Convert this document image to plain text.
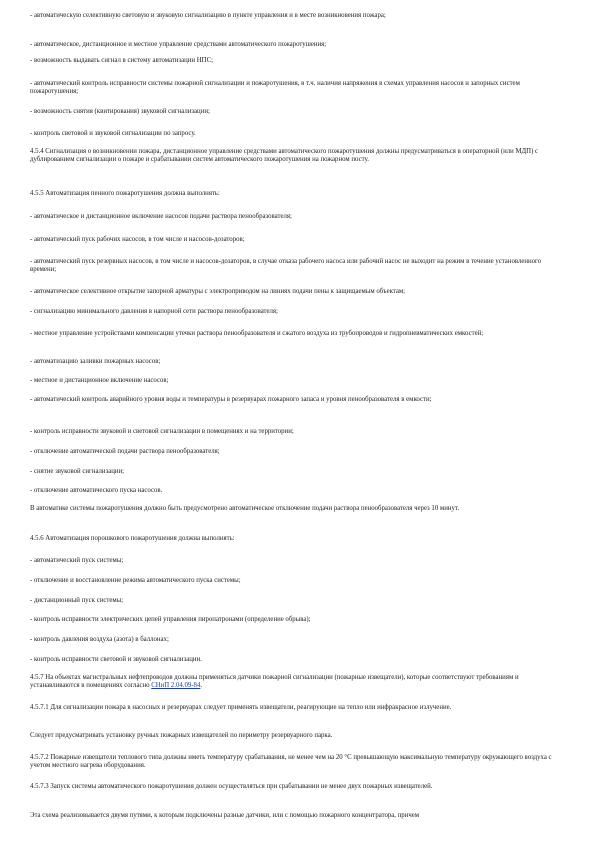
- автоматическую селективную световую и звуковую сигнализацию в пункте управления и в месте возникновения пожара;

- автоматическое, дистанционное и местное управление средствами автоматического пожаротушения;

- возможность выдавать сигнал в систему автоматизации НПС;

- автоматический контроль исправности системы пожарной сигнализации и пожаротушения, в т.ч. наличия напряжения в схемах управления насосов и запорных систем пожаротушения;

- возможность снятия (квитирования) звуковой сигнализации;

- контроль световой и звуковой сигнализации по запросу.

4.5.4 Сигнализация о возникновении пожара, дистанционное управление средствами автоматического пожаротушения должны предусматриваться в операторной (или МДП) с дублированием сигнализации о пожаре и срабатывании систем автоматического пожаротушения на пожарном посту.

4.5.5 Автоматизация пенного пожаротушения должна выполнять:

- автоматическое и дистанционное включение насосов подачи раствора пенообразователя;

- автоматический пуск рабочих насосов, в том числе и насосов-дозаторов;

- автоматический пуск резервных насосов, в том числе и насосов-дозаторов, в случае отказа рабочего насоса или рабочий насос не выходит на режим в течение установленного времени;

- автоматическое селективное открытие запорной арматуры с электроприводом на линиях подачи пены к защищаемым объектам;

- сигнализацию минимального давления в напорной сети раствора пенообразователя;

- местное управление устройствами компенсации утечки раствора пенообразователя и сжатого воздуха из трубопроводов и гидропневматических емкостей;

- автоматизацию заливки пожарных насосов;

- местное и дистанционное включение насосов;

- автоматический контроль аварийного уровня воды и температуры в резервуарах пожарного запаса и уровня пенообразователя в емкости;

- контроль исправности звуковой и световой сигнализации в помещениях и на территории;

- отключение автоматической подачи раствора пенообразователя;

- снятие звуковой сигнализации;

- отключение автоматического пуска насосов.

В автоматике системы пожаротушения должно быть предусмотрено автоматическое отключение подачи раствора пенообразователя через 10 минут.

4.5.6 Автоматизация порошкового пожаротушения должна выполнять:

- автоматический пуск системы;

- отключение и восстановление режима автоматического пуска системы;

- дистанционный пуск системы;

- контроль исправности электрических цепей управления пиропатронами (определение обрыва);

- контроль давления воздуха (азота) в баллонах;

- контроль исправности световой и звуковой сигнализации.

4.5.7 На объектах магистральных нефтепроводов должны применяться датчики пожарной сигнализации (пожарные извещатели), которые соответствуют требованиям и устанавливаются в помещениях согласно СНиП 2.04.09-84.

4.5.7.1 Для сигнализации пожара в насосных и резервуарах следует применять извещатели, реагирующие на тепло или инфракрасное излучение.

Следует предусматривать установку ручных пожарных извещателей по периметру резервуарного парка.

4.5.7.2 Пожарные извещатели теплового типа должны иметь температуру срабатывания, не менее чем на 20 °С превышающую максимальную температуру окружающего воздуха с учетом местного нагрева оборудования.

4.5.7.3 Запуск системы автоматического пожаротушения должен осуществляться при срабатывании не менее двух пожарных извещателей.

Эта схема реализовывается двумя путями, к которым подключены разные датчики, или с помощью пожарного концентратора, причем
